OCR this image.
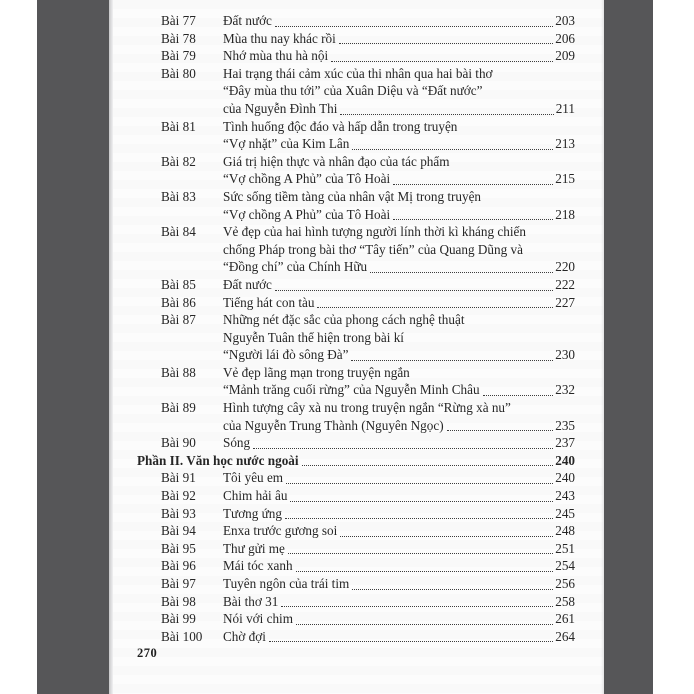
Bài 77	Đất nước	203
Bài 78	Mùa thu nay khác rồi	206
Bài 79	Nhớ mùa thu hà nội	209
Bài 80	Hai trạng thái cảm xúc của thi nhân qua hai bài thơ
“Đây mùa thu tới” của Xuân Diệu và “Đất nước”
của Nguyễn Đình Thi	211
Bài 81	Tình huống độc đáo và hấp dẫn trong truyện
“Vợ nhặt” của Kim Lân	213
Bài 82	Giá trị hiện thực và nhân đạo của tác phẩm
“Vợ chồng A Phủ” của Tô Hoài	215
Bài 83	Sức sống tiềm tàng của nhân vật Mị trong truyện
“Vợ chồng A Phủ” của Tô Hoài	218
Bài 84	Vẻ đẹp của hai hình tượng người lính thời kì kháng chiến
chống Pháp trong bài thơ “Tây tiến” của Quang Dũng và
“Đồng chí” của Chính Hữu	220
Bài 85	Đất nước	222
Bài 86	Tiếng hát con tàu	227
Bài 87	Những nét đặc sắc của phong cách nghệ thuật
Nguyễn Tuân thể hiện trong bài kí
“Người lái đò sông Đà”	230
Bài 88	Vẻ đẹp lãng mạn trong truyện ngắn
“Mảnh trăng cuối rừng” của Nguyễn Minh Châu	232
Bài 89	Hình tượng cây xà nu trong truyện ngắn “Rừng xà nu”
của Nguyễn Trung Thành (Nguyên Ngọc)	235
Bài 90	Sóng	237
Phần II. Văn học nước ngoài	240
Bài 91	Tôi yêu em	240
Bài 92	Chim hải âu	243
Bài 93	Tương ứng	245
Bài 94	Enxa trước gương soi	248
Bài 95	Thư gửi mẹ	251
Bài 96	Mái tóc xanh	254
Bài 97	Tuyên ngôn của trái tim	256
Bài 98	Bài thơ 31	258
Bài 99	Nói với chim	261
Bài 100	Chờ đợi	264
270
